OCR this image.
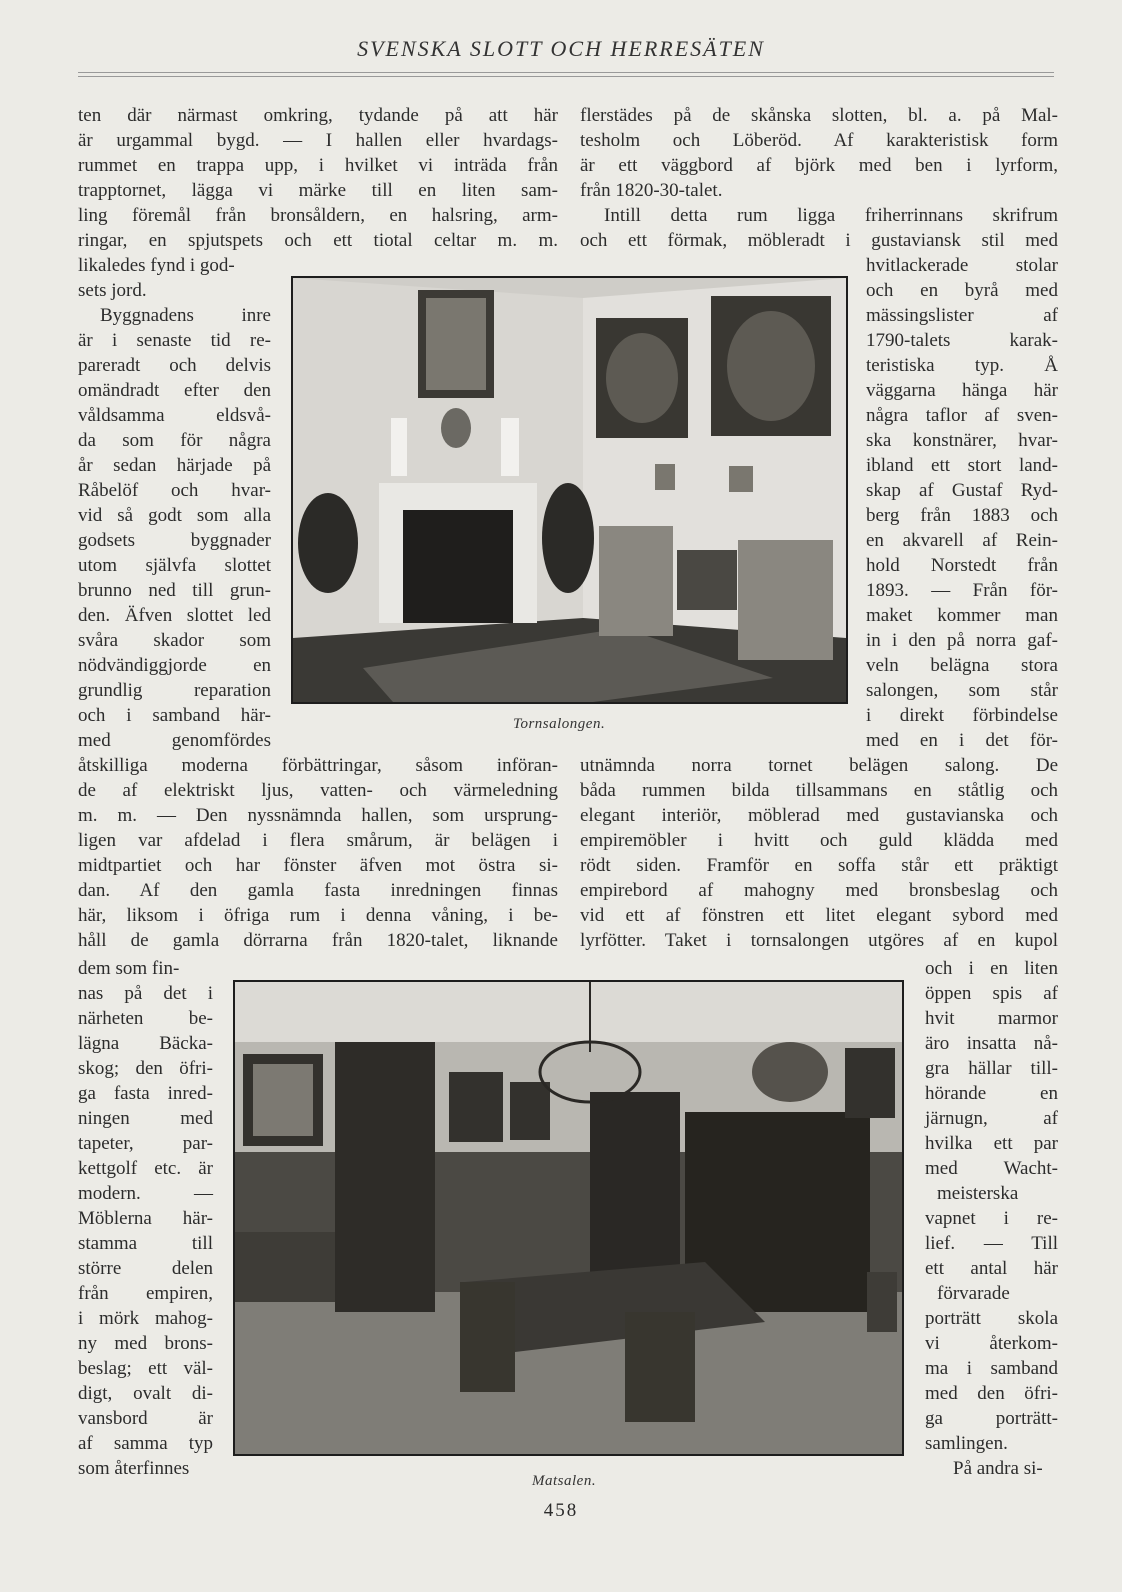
SVENSKA SLOTT OCH HERRESÄTEN
Tornsalongen.
Matsalen.
ten där närmast omkring, tydande på att här
är urgammal bygd. — I hallen eller hvardags-
rummet en trappa upp, i hvilket vi inträda från
trapptornet, lägga vi märke till en liten sam-
ling föremål från bronsåldern, en halsring, arm-
ringar, en spjutspets och ett tiotal celtar m. m.
likaledes fynd i god-
sets jord.
Byggnadens inre
är i senaste tid re-
pareradt och delvis
omändradt efter den
våldsamma eldsvå-
da som för några
år sedan härjade på
Råbelöf och hvar-
vid så godt som alla
godsets byggnader
utom självfa slottet
brunno ned till grun-
den. Äfven slottet led
svåra skador som
nödvändiggjorde en
grundlig reparation
och i samband här-
med genomfördes
åtskilliga moderna förbättringar, såsom införan-
de af elektriskt ljus, vatten- och värmeledning
m. m. — Den nyssnämnda hallen, som ursprung-
ligen var afdelad i flera smårum, är belägen i
midtpartiet och har fönster äfven mot östra si-
dan. Af den gamla fasta inredningen finnas
här, liksom i öfriga rum i denna våning, i be-
håll de gamla dörrarna från 1820-talet, liknande
dem som fin-
nas på det i
närheten be-
lägna Bäcka-
skog; den öfri-
ga fasta inred-
ningen med
tapeter, par-
kettgolf etc. är
modern. —
Möblerna här-
stamma till
större delen
från empiren,
i mörk mahog-
ny med brons-
beslag; ett väl-
digt, ovalt di-
vansbord är
af samma typ
som återfinnes
flerstädes på de skånska slotten, bl. a. på Mal-
tesholm och Löberöd. Af karakteristisk form
är ett väggbord af björk med ben i lyrform,
från 1820-30-talet.
Intill detta rum ligga friherrinnans skrifrum
och ett förmak, möbleradt i gustaviansk stil med
hvitlackerade stolar
och en byrå med
mässingslister af
1790-talets karak-
teristiska typ. Å
väggarna hänga här
några taflor af sven-
ska konstnärer, hvar-
ibland ett stort land-
skap af Gustaf Ryd-
berg från 1883 och
en akvarell af Rein-
hold Norstedt från
1893. — Från för-
maket kommer man
in i den på norra gaf-
veln belägna stora
salongen, som står
i direkt förbindelse
med en i det för-
utnämnda norra tornet belägen salong. De
båda rummen bilda tillsammans en ståtlig och
elegant interiör, möblerad med gustavianska och
empiremöbler i hvitt och guld klädda med
rödt siden. Framför en soffa står ett präktigt
empirebord af mahogny med bronsbeslag och
vid ett af fönstren ett litet elegant sybord med
lyrfötter. Taket i tornsalongen utgöres af en kupol
och i en liten
öppen spis af
hvit marmor
äro insatta nå-
gra hällar till-
hörande en
järnugn, af
hvilka ett par
med Wacht-
meisterska
vapnet i re-
lief. — Till
ett antal här
förvarade
porträtt skola
vi återkom-
ma i samband
med den öfri-
ga porträtt-
samlingen.
På andra si-
458
